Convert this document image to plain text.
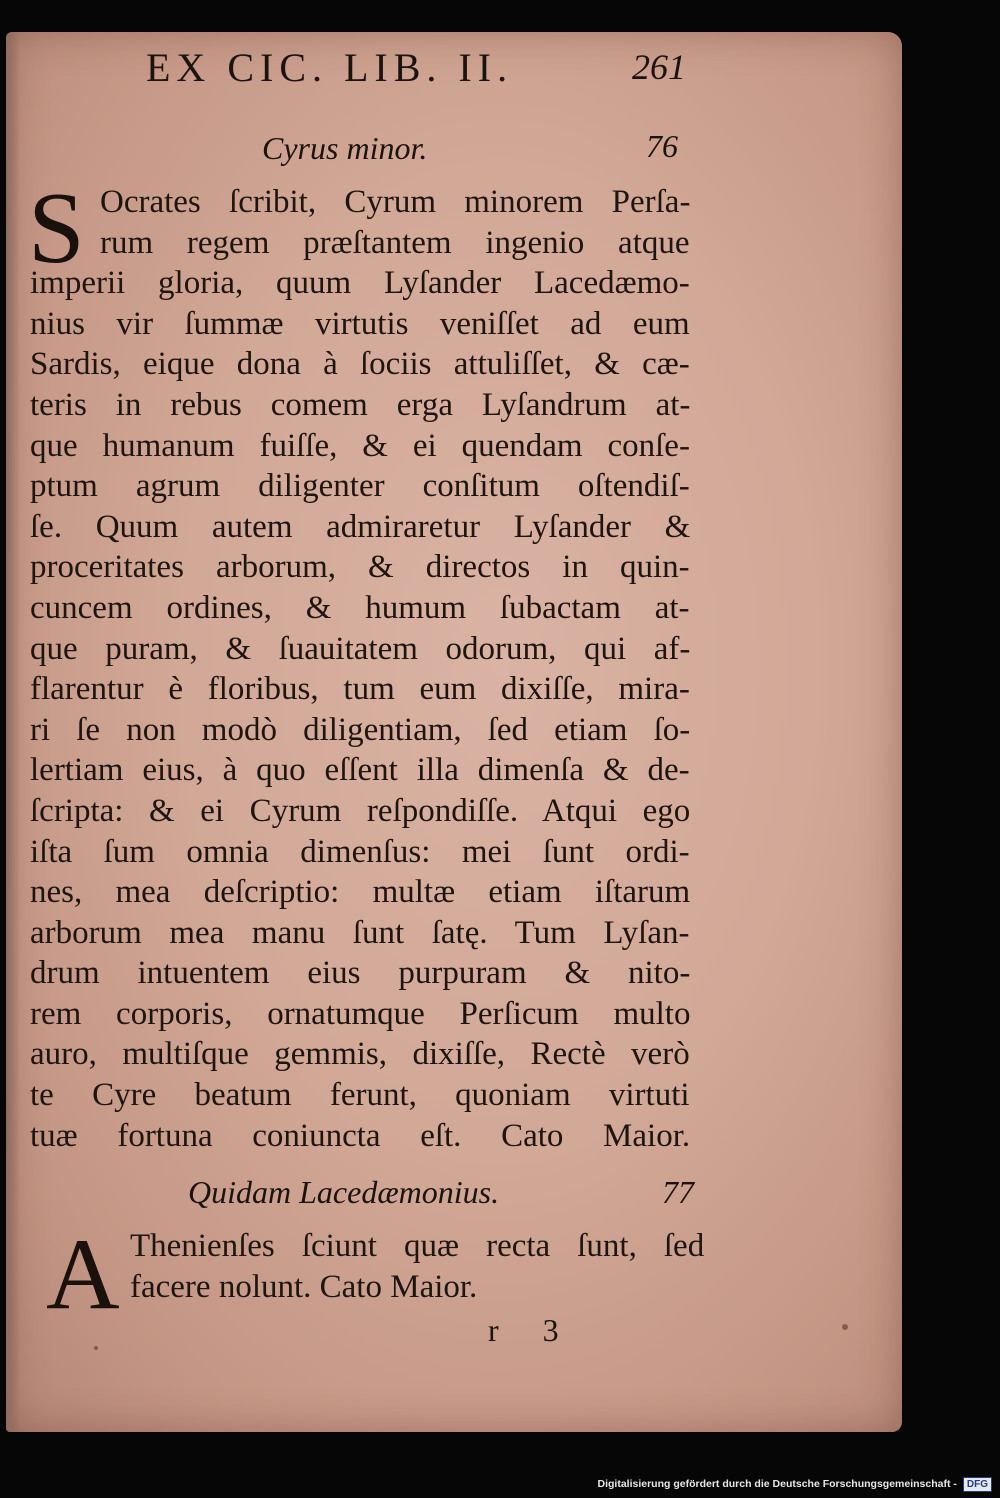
EX CIC. LIB. II.	261
Cyrus minor.	76
S Ocrates ſcribit, Cyrum minorem Perſa-
rum regem præſtantem ingenio atque
imperii gloria, quum Lyſander Lacedæmo-
nius vir ſummæ virtutis veniſſet ad eum
Sardis, eique dona à ſociis attuliſſet, & cæ-
teris in rebus comem erga Lyſandrum at-
que humanum fuiſſe, & ei quendam conſe-
ptum agrum diligenter conſitum oſtendiſ-
ſe. Quum autem admiraretur Lyſander &
proceritates arborum, & directos in quin-
cuncem ordines, & humum ſubactam at-
que puram, & ſuauitatem odorum, qui af-
flarentur è floribus, tum eum dixiſſe, mira-
ri ſe non modò diligentiam, ſed etiam ſo-
lertiam eius, à quo eſſent illa dimenſa & de-
ſcripta: & ei Cyrum reſpondiſſe. Atqui ego
iſta ſum omnia dimenſus: mei ſunt ordi-
nes, mea deſcriptio: multæ etiam iſtarum
arborum mea manu ſunt ſatę. Tum Lyſan-
drum intuentem eius purpuram & nito-
rem corporis, ornatumque Perſicum multo
auro, multiſque gemmis, dixiſſe, Rectè verò
te Cyre beatum ferunt, quoniam virtuti
tuæ fortuna coniuncta eſt. Cato Maior.
Quidam Lacedæmonius.	77
A Thenienſes ſciunt quæ recta ſunt, ſed
facere nolunt. Cato Maior.
r 3
Digitalisierung gefördert durch die Deutsche Forschungsgemeinschaft -	DFG
